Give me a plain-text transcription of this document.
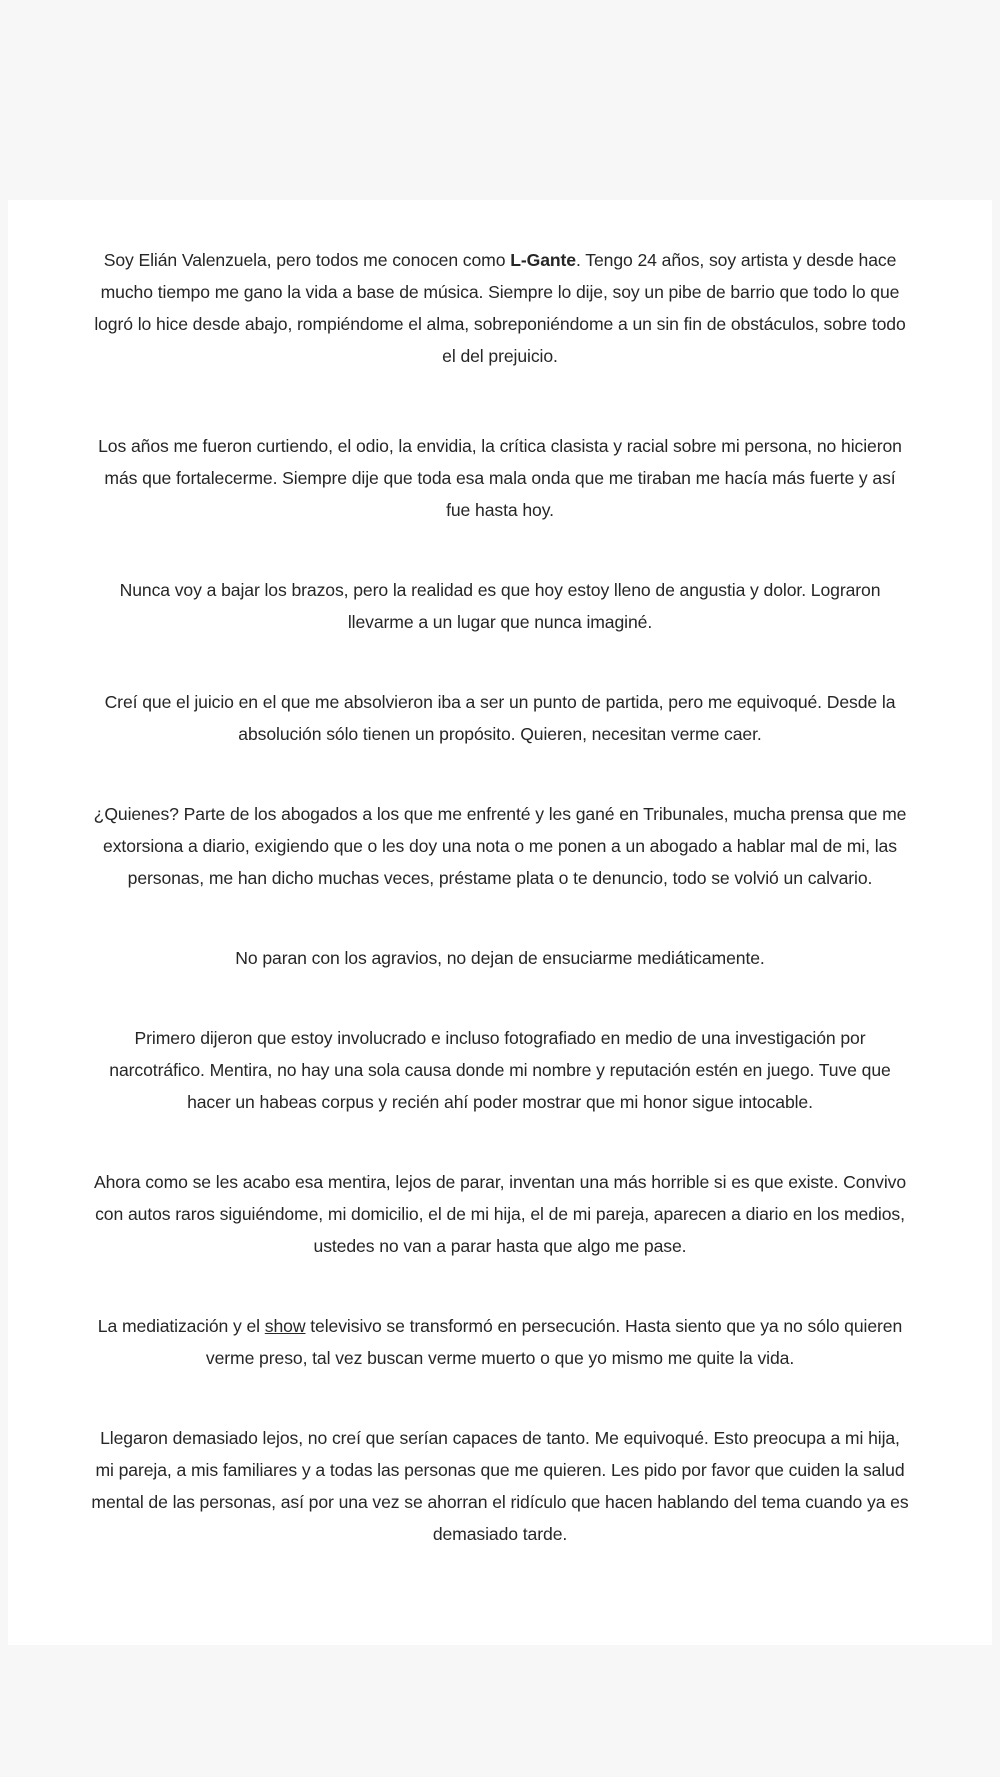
Soy Elián Valenzuela, pero todos me conocen como L-Gante. Tengo 24 años, soy artista y desde hace mucho tiempo me gano la vida a base de música. Siempre lo dije, soy un pibe de barrio que todo lo que logró lo hice desde abajo, rompiéndome el alma, sobreponiéndome a un sin fin de obstáculos, sobre todo el del prejuicio.

Los años me fueron curtiendo, el odio, la envidia, la crítica clasista y racial sobre mi persona, no hicieron más que fortalecerme. Siempre dije que toda esa mala onda que me tiraban me hacía más fuerte y así fue hasta hoy.

Nunca voy a bajar los brazos, pero la realidad es que hoy estoy lleno de angustia y dolor. Lograron llevarme a un lugar que nunca imaginé.

Creí que el juicio en el que me absolvieron iba a ser un punto de partida, pero me equivoqué. Desde la absolución sólo tienen un propósito. Quieren, necesitan verme caer.

¿Quienes? Parte de los abogados a los que me enfrenté y les gané en Tribunales, mucha prensa que me extorsiona a diario, exigiendo que o les doy una nota o me ponen a un abogado a hablar mal de mi, las personas, me han dicho muchas veces, préstame plata o te denuncio, todo se volvió un calvario.

No paran con los agravios, no dejan de ensuciarme mediáticamente.

Primero dijeron que estoy involucrado e incluso fotografiado en medio de una investigación por narcotráfico. Mentira, no hay una sola causa donde mi nombre y reputación estén en juego. Tuve que hacer un habeas corpus y recién ahí poder mostrar que mi honor sigue intocable.

Ahora como se les acabo esa mentira, lejos de parar, inventan una más horrible si es que existe. Convivo con autos raros siguiéndome, mi domicilio, el de mi hija, el de mi pareja, aparecen a diario en los medios, ustedes no van a parar hasta que algo me pase.

La mediatización y el show televisivo se transformó en persecución. Hasta siento que ya no sólo quieren verme preso, tal vez buscan verme muerto o que yo mismo me quite la vida.

Llegaron demasiado lejos, no creí que serían capaces de tanto. Me equivoqué. Esto preocupa a mi hija, mi pareja, a mis familiares y a todas las personas que me quieren. Les pido por favor que cuiden la salud mental de las personas, así por una vez se ahorran el ridículo que hacen hablando del tema cuando ya es demasiado tarde.
